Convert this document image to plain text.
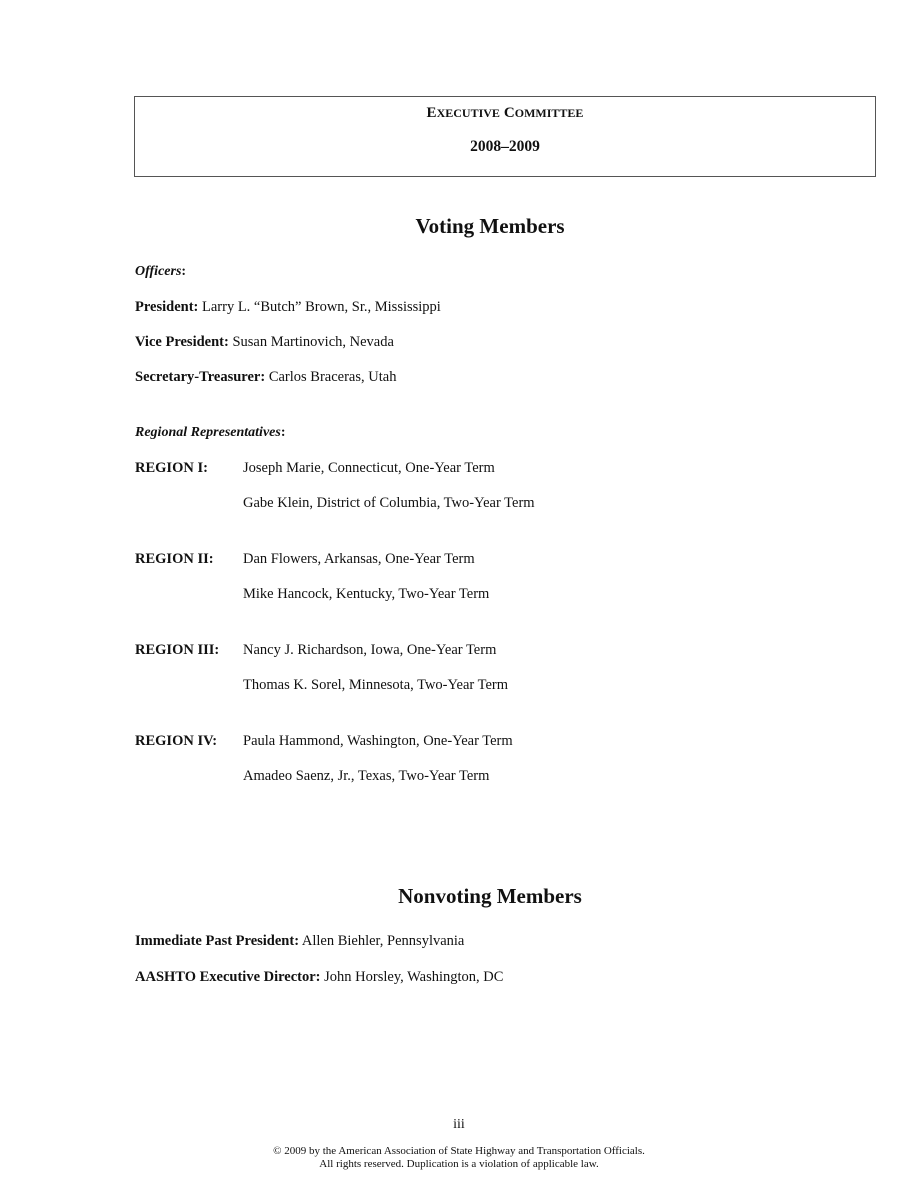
EXECUTIVE COMMITTEE
2008–2009
Voting Members
Officers:
President: Larry L. “Butch” Brown, Sr., Mississippi
Vice President: Susan Martinovich, Nevada
Secretary-Treasurer: Carlos Braceras, Utah
Regional Representatives:
REGION I: Joseph Marie, Connecticut, One-Year Term
Gabe Klein, District of Columbia, Two-Year Term
REGION II: Dan Flowers, Arkansas, One-Year Term
Mike Hancock, Kentucky, Two-Year Term
REGION III: Nancy J. Richardson, Iowa, One-Year Term
Thomas K. Sorel, Minnesota, Two-Year Term
REGION IV: Paula Hammond, Washington, One-Year Term
Amadeo Saenz, Jr., Texas, Two-Year Term
Nonvoting Members
Immediate Past President: Allen Biehler, Pennsylvania
AASHTO Executive Director: John Horsley, Washington, DC
iii
© 2009 by the American Association of State Highway and Transportation Officials.
All rights reserved. Duplication is a violation of applicable law.
